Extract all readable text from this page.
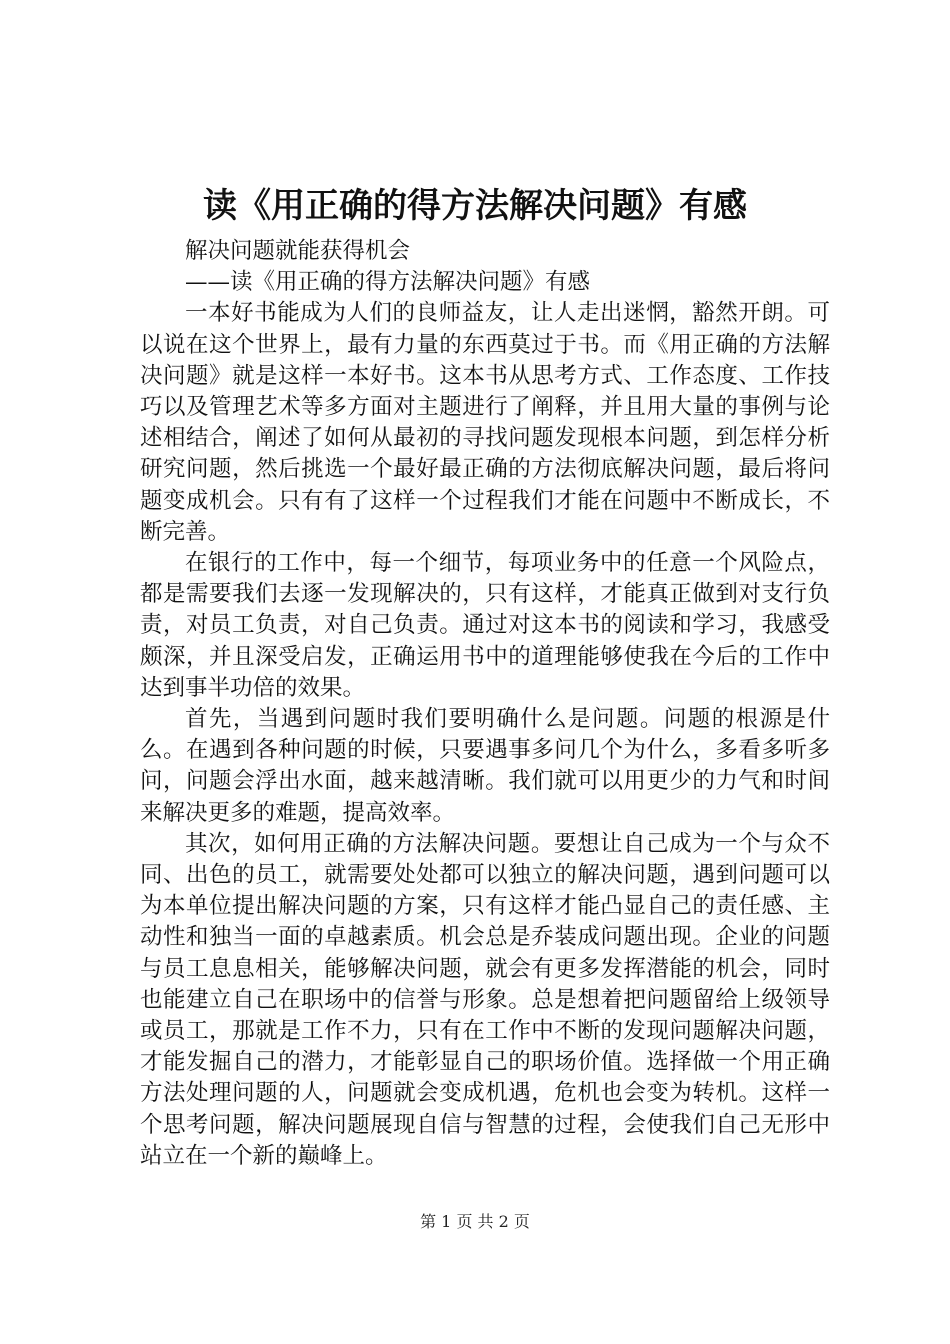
读《用正确的得方法解决问题》有感

解决问题就能获得机会

——读《用正确的得方法解决问题》有感

一本好书能成为人们的良师益友，让人走出迷惘，豁然开朗。可以说在这个世界上，最有力量的东西莫过于书。而《用正确的方法解决问题》就是这样一本好书。这本书从思考方式、工作态度、工作技巧以及管理艺术等多方面对主题进行了阐释，并且用大量的事例与论述相结合，阐述了如何从最初的寻找问题发现根本问题，到怎样分析研究问题，然后挑选一个最好最正确的方法彻底解决问题，最后将问题变成机会。只有有了这样一个过程我们才能在问题中不断成长，不断完善。

在银行的工作中，每一个细节，每项业务中的任意一个风险点，都是需要我们去逐一发现解决的，只有这样，才能真正做到对支行负责，对员工负责，对自己负责。通过对这本书的阅读和学习，我感受颇深，并且深受启发，正确运用书中的道理能够使我在今后的工作中达到事半功倍的效果。

首先，当遇到问题时我们要明确什么是问题。问题的根源是什么。在遇到各种问题的时候，只要遇事多问几个为什么，多看多听多问，问题会浮出水面，越来越清晰。我们就可以用更少的力气和时间来解决更多的难题，提高效率。

其次，如何用正确的方法解决问题。要想让自己成为一个与众不同、出色的员工，就需要处处都可以独立的解决问题，遇到问题可以为本单位提出解决问题的方案，只有这样才能凸显自己的责任感、主动性和独当一面的卓越素质。机会总是乔装成问题出现。企业的问题与员工息息相关，能够解决问题，就会有更多发挥潜能的机会，同时也能建立自己在职场中的信誉与形象。总是想着把问题留给上级领导或员工，那就是工作不力，只有在工作中不断的发现问题解决问题，才能发掘自己的潜力，才能彰显自己的职场价值。选择做一个用正确方法处理问题的人，问题就会变成机遇，危机也会变为转机。这样一个思考问题，解决问题展现自信与智慧的过程，会使我们自己无形中站立在一个新的巅峰上。

第 1 页 共 2 页
